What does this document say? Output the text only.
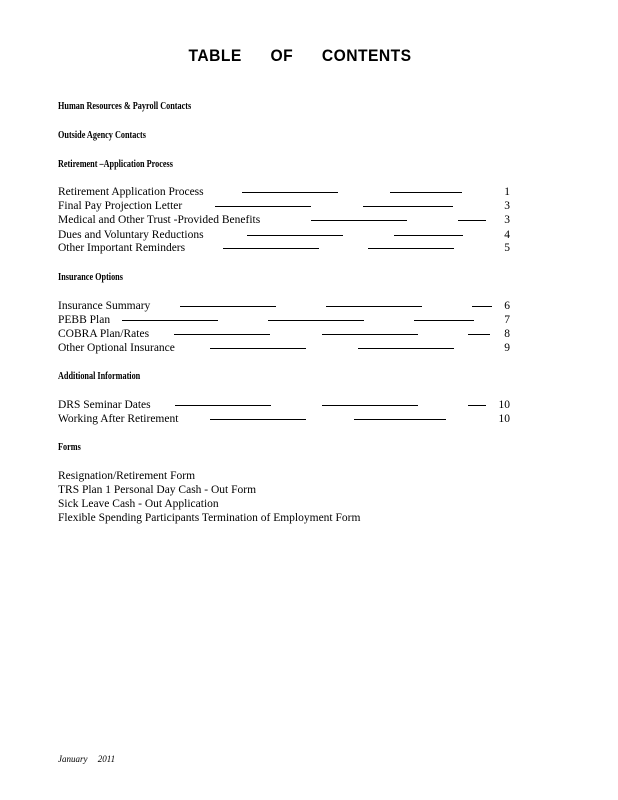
TABLE OF CONTENTS
Human Resources & Payroll Contacts
Outside Agency Contacts
Retirement –Application Process
Retirement Application Process	1
Final Pay Projection Letter	3
Medical and Other Trust -Provided Benefits	3
Dues and Voluntary Reductions	4
Other Important Reminders	5
Insurance Options
Insurance Summary	6
PEBB Plan	7
COBRA Plan/Rates	8
Other Optional Insurance	9
Additional Information
DRS Seminar Dates	10
Working After Retirement	10
Forms
Resignation/Retirement Form
TRS Plan 1 Personal Day Cash - Out Form
Sick Leave Cash - Out Application
Flexible Spending Participants Termination of Employment Form
January 2011
